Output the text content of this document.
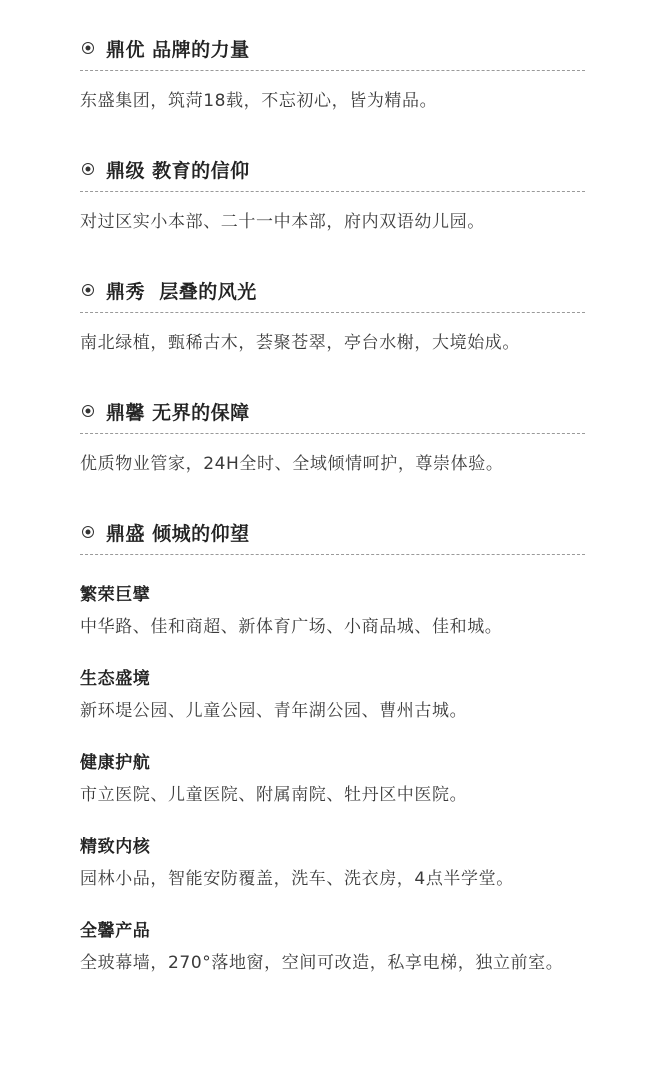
鼎优 品牌的力量
东盛集团，筑菏18载，不忘初心，皆为精品。
鼎级 教育的信仰
对过区实小本部、二十一中本部，府内双语幼儿园。
鼎秀  层叠的风光
南北绿植，甄稀古木，荟聚苍翠，亭台水榭，大境始成。
鼎馨 无界的保障
优质物业管家，24H全时、全域倾情呵护，尊崇体验。
鼎盛 倾城的仰望
繁荣巨擘
中华路、佳和商超、新体育广场、小商品城、佳和城。
生态盛境
新环堤公园、儿童公园、青年湖公园、曹州古城。
健康护航
市立医院、儿童医院、附属南院、牡丹区中医院。
精致内核
园林小品，智能安防覆盖，洗车、洗衣房，4点半学堂。
全馨产品
全玻幕墙，270°落地窗，空间可改造，私享电梯，独立前室。
